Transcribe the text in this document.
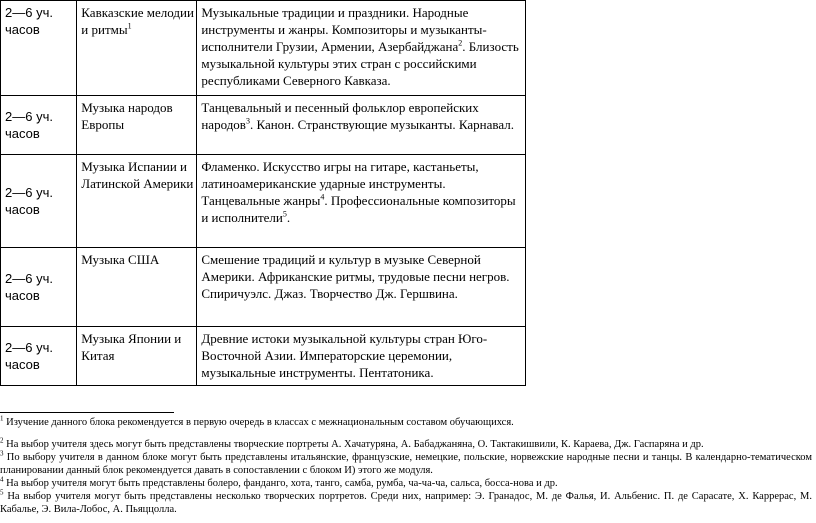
2—6 уч.
часов	Кавказские мелодии и ритмы$^1$	Музыкальные традиции и праздники. Народные инструменты и жанры. Композиторы и музыканты-исполнители Грузии, Армении, Азербайджана$^2$. Близость музыкальной культуры этих стран с российскими республиками Северного Кавказа.
2—6 уч.
часов	Музыка народов Европы	Танцевальный и песенный фольклор европейских народов$^3$. Канон. Странствующие музыканты. Карнавал.
2—6 уч.
часов	Музыка Испании и Латинской Америки	Фламенко. Искусство игры на гитаре, кастаньеты, латиноамериканские ударные инструменты. Танцевальные жанры$^4$. Профессиональные композиторы и исполнители$^5$.
2—6 уч.
часов	Музыка США	Смешение традиций и культур в музыке Северной Америки. Африканские ритмы, трудовые песни негров. Спиричуэлс. Джаз. Творчество Дж. Гершвина.
2—6 уч.
часов	Музыка Японии и Китая	Древние истоки музыкальной культуры стран Юго-Восточной Азии. Императорские церемонии, музыкальные инструменты. Пентатоника.

$^1$ Изучение данного блока рекомендуется в первую очередь в классах с межнациональным составом обучающихся.

$^2$ На выбор учителя здесь могут быть представлены творческие портреты А. Хачатуряна, А. Бабаджаняна, О. Тактакишвили, К. Караева, Дж. Гаспаряна и др.

$^3$ По выбору учителя в данном блоке могут быть представлены итальянские, французские, немецкие, польские, норвежские народные песни и танцы. В календарно-тематическом планировании данный блок рекомендуется давать в сопоставлении с блоком И) этого же модуля.

$^4$ На выбор учителя могут быть представлены болеро, фанданго, хота, танго, самба, румба, ча-ча-ча, сальса, босса-нова и др.

$^5$ На выбор учителя могут быть представлены несколько творческих портретов. Среди них, например: Э. Гранадос, М. де Фалья, И. Альбенис. П. де Сарасате, Х. Каррерас, М. Кабалье, Э. Вила-Лобос, А. Пьяццолла.
